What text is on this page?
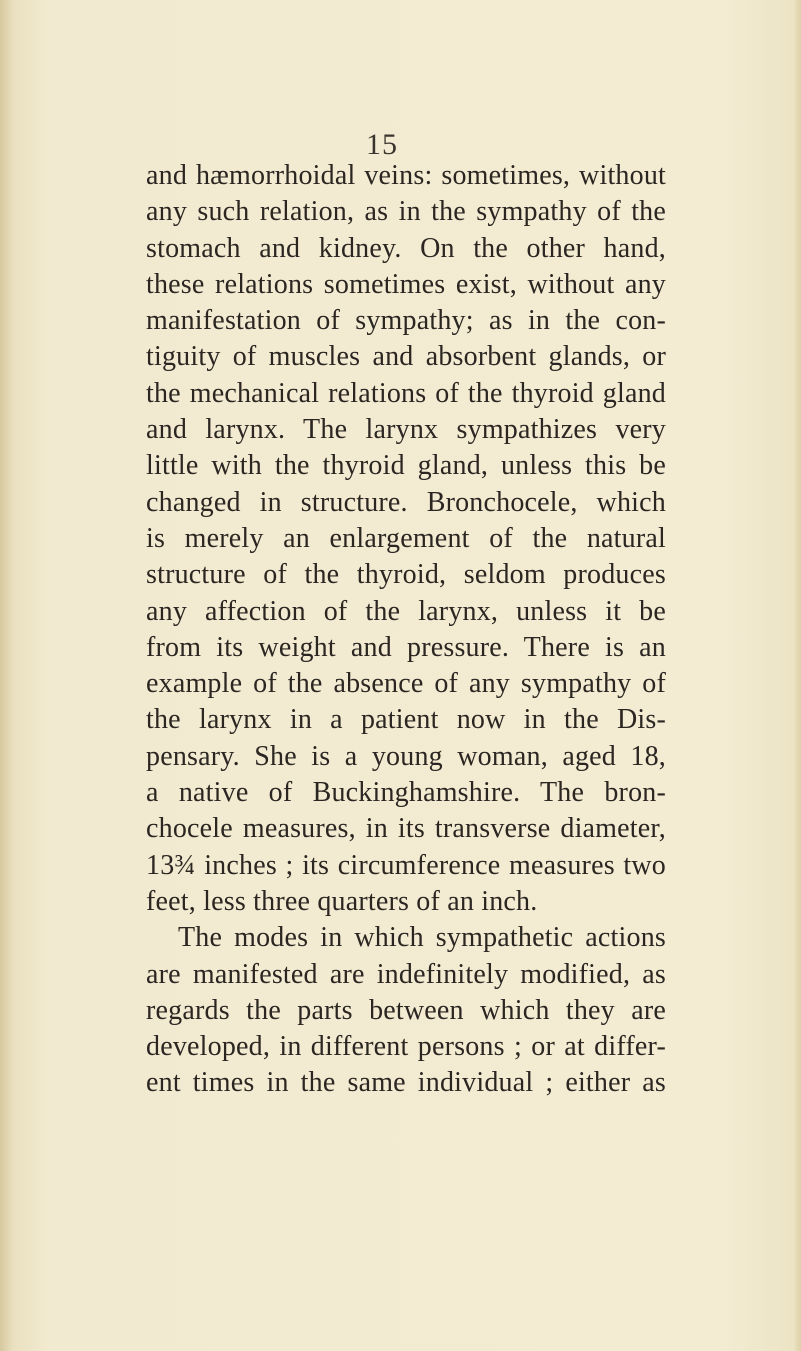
15
and hæmorrhoidal veins: sometimes, without
any such relation, as in the sympathy of the
stomach and kidney. On the other hand,
these relations sometimes exist, without any
manifestation of sympathy; as in the con-
tiguity of muscles and absorbent glands, or
the mechanical relations of the thyroid gland
and larynx. The larynx sympathizes very
little with the thyroid gland, unless this be
changed in structure. Bronchocele, which
is merely an enlargement of the natural
structure of the thyroid, seldom produces
any affection of the larynx, unless it be
from its weight and pressure. There is an
example of the absence of any sympathy of
the larynx in a patient now in the Dis-
pensary. She is a young woman, aged 18,
a native of Buckinghamshire. The bron-
chocele measures, in its transverse diameter,
13¾ inches ; its circumference measures two
feet, less three quarters of an inch.
The modes in which sympathetic actions
are manifested are indefinitely modified, as
regards the parts between which they are
developed, in different persons ; or at differ-
ent times in the same individual ; either as
